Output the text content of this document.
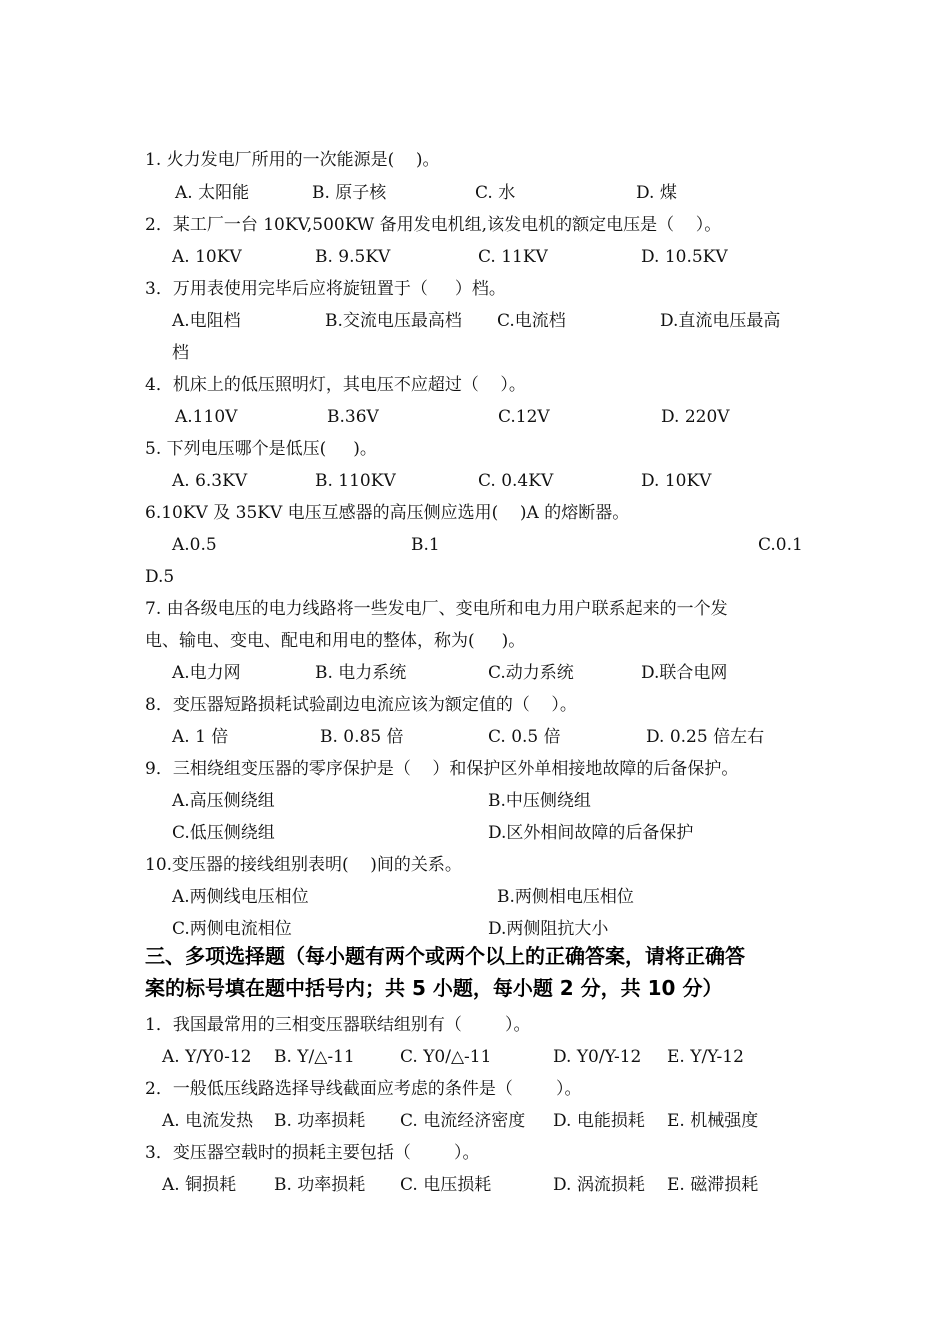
1. 火力发电厂所用的一次能源是(    )。
A. 太阳能	B. 原子核	C. 水	D. 煤
2．某工厂一台 10KV,500KW 备用发电机组,该发电机的额定电压是（    ）。
A. 10KV	B. 9.5KV	C. 11KV	D. 10.5KV
3．万用表使用完毕后应将旋钮置于（     ）档。
A.电阻档	B.交流电压最高档 C.电流档	D.直流电压最高
档
4．机床上的低压照明灯，其电压不应超过（    ）。
A.110V	B.36V	C.12V	D. 220V
5. 下列电压哪个是低压(     )。
A. 6.3KV	B. 110KV	C. 0.4KV	D. 10KV
6.10KV 及 35KV 电压互感器的高压侧应选用(    )A 的熔断器。
A.0.5	B.1	C.0.1
D.5
7. 由各级电压的电力线路将一些发电厂、变电所和电力用户联系起来的一个发
电、输电、变电、配电和用电的整体，称为(     )。
A.电力网	B. 电力系统	C.动力系统	D.联合电网
8．变压器短路损耗试验副边电流应该为额定值的（    ）。
A. 1 倍	B. 0.85 倍	C. 0.5 倍	D. 0.25 倍左右
9．三相绕组变压器的零序保护是（    ）和保护区外单相接地故障的后备保护。
A.高压侧绕组	B.中压侧绕组
C.低压侧绕组	D.区外相间故障的后备保护
10.变压器的接线组别表明(    )间的关系。
A.两侧线电压相位	B.两侧相电压相位
C.两侧电流相位	D.两侧阻抗大小
三、多项选择题（每小题有两个或两个以上的正确答案，请将正确答
案的标号填在题中括号内；共 5 小题，每小题 2 分，共 10 分）
1．我国最常用的三相变压器联结组别有（        ）。
A. Y/Y0-12 B. Y/△-11	C. Y0/△-11	D. Y0/Y-12 E. Y/Y-12
2．一般低压线路选择导线截面应考虑的条件是（        ）。
A. 电流发热 B. 功率损耗 C. 电流经济密度 D. 电能损耗 E. 机械强度
3．变压器空载时的损耗主要包括（        ）。
A. 铜损耗 B. 功率损耗 C. 电压损耗	D. 涡流损耗 E. 磁滞损耗
